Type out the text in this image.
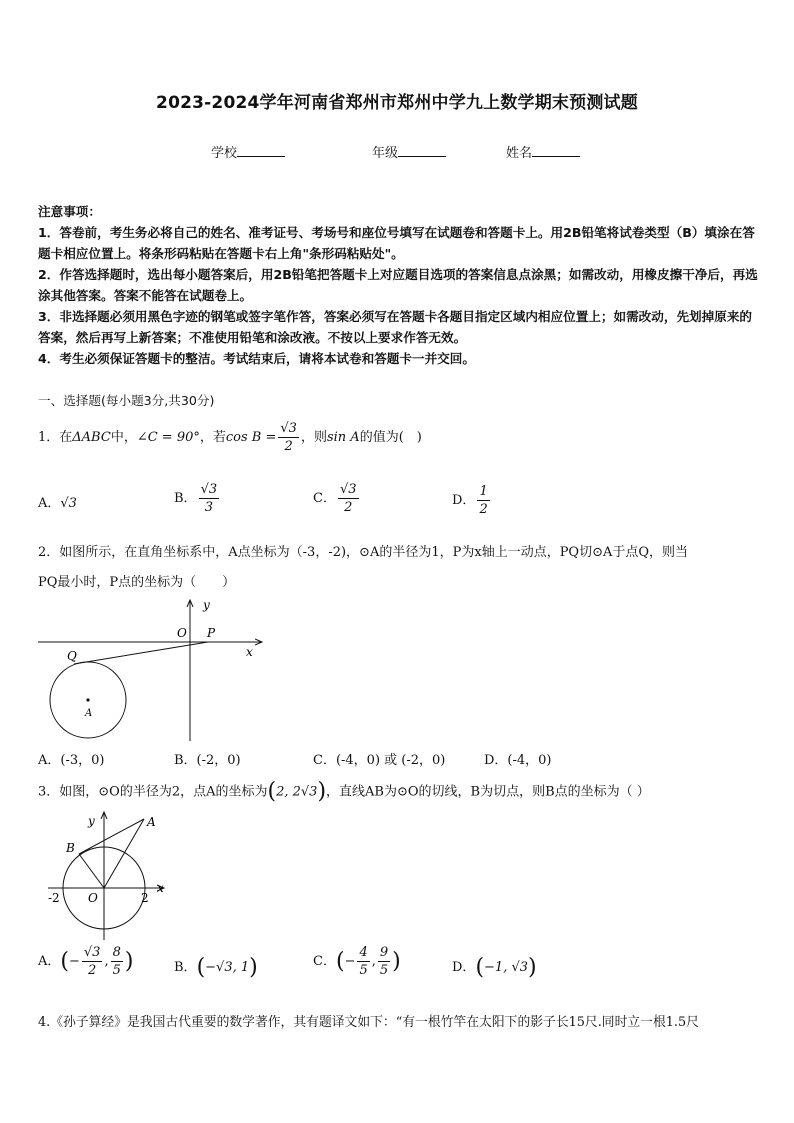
2023-2024学年河南省郑州市郑州中学九上数学期末预测试题
学校	年级	姓名
注意事项：
1．答卷前，考生务必将自己的姓名、准考证号、考场号和座位号填写在试题卷和答题卡上。用2B铅笔将试卷类型（B）填涂在答题卡相应位置上。将条形码粘贴在答题卡右上角"条形码粘贴处"。
2．作答选择题时，选出每小题答案后，用2B铅笔把答题卡上对应题目选项的答案信息点涂黑；如需改动，用橡皮擦干净后，再选涂其他答案。答案不能答在试题卷上。
3．非选择题必须用黑色字迹的钢笔或签字笔作答，答案必须写在答题卡各题目指定区域内相应位置上；如需改动，先划掉原来的答案，然后再写上新答案；不准使用铅笔和涂改液。不按以上要求作答无效。
4．考生必须保证答题卡的整洁。考试结束后，请将本试卷和答题卡一并交回。
一、选择题(每小题3分,共30分)
1．在ΔABC中，∠C = 90°，若$\cos B = \frac{√3}{2}$ ，则sin A的值为(　)
A．√3	B． $\frac{√3}{3}$	C． $\frac{√3}{2}$	D． $\frac{1}{2}$
2．如图所示，在直角坐标系中，A点坐标为（-3，-2)，⊙A的半径为1，P为x轴上一动点，PQ切⊙A于点Q，则当
PQ最小时，P点的坐标为（　　）
y
x
O P
Q
A
A．(-3，0)	B．(-2，0)	C．(-4，0) 或 (-2，0)	D．(-4，0)
3．如图，⊙O的半径为2，点A的坐标为(2, 2√3)，直线AB为⊙O的切线，B为切点，则B点的坐标为（ ）
y
x
A
B
O
-2	2
A．(− $\frac{√3}{2}$ , $\frac{8}{5}$ )	B．(−√3, 1)	C．(− $\frac{4}{5}$ , $\frac{9}{5}$ )	D．(−1, √3)
4.《孙子算经》是我国古代重要的数学著作，其有题译文如下：“有一根竹竿在太阳下的影子长15尺.同时立一根1.5尺
